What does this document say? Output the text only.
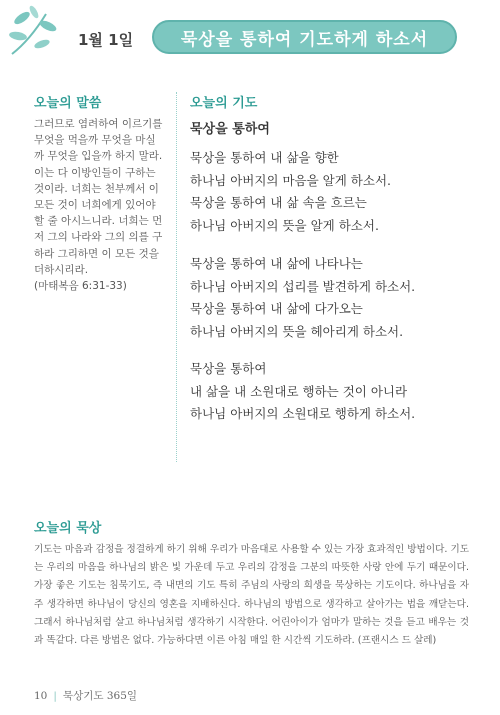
1월 1일	묵상을 통하여 기도하게 하소서
오늘의 말씀
그러므로 염려하여 이르기를 무엇을 먹을까 무엇을 마실까 무엇을 입을까 하지 말라. 이는 다 이방인들이 구하는 것이라. 너희는 천부께서 이 모든 것이 너희에게 있어야 할 줄 아시느니라. 너희는 먼저 그의 나라와 그의 의를 구하라 그리하면 이 모든 것을 더하시리라.
(마태복음 6:31-33)
오늘의 기도
묵상을 통하여
묵상을 통하여 내 삶을 향한
하나님 아버지의 마음을 알게 하소서.
묵상을 통하여 내 삶 속을 흐르는
하나님 아버지의 뜻을 알게 하소서.
묵상을 통하여 내 삶에 나타나는
하나님 아버지의 섭리를 발견하게 하소서.
묵상을 통하여 내 삶에 다가오는
하나님 아버지의 뜻을 헤아리게 하소서.
묵상을 통하여
내 삶을 내 소원대로 행하는 것이 아니라
하나님 아버지의 소원대로 행하게 하소서.
오늘의 묵상
기도는 마음과 감정을 정결하게 하기 위해 우리가 마음대로 사용할 수 있는 가장 효과적인 방법이다. 기도는 우리의 마음을 하나님의 밝은 빛 가운데 두고 우리의 감정을 그분의 따뜻한 사랑 안에 두기 때문이다. 가장 좋은 기도는 침묵기도, 즉 내면의 기도 특히 주님의 사랑의 희생을 묵상하는 기도이다. 하나님을 자주 생각하면 하나님이 당신의 영혼을 지배하신다. 하나님의 방법으로 생각하고 살아가는 법을 깨닫는다. 그래서 하나님처럼 살고 하나님처럼 생각하기 시작한다. 어린아이가 엄마가 말하는 것을 듣고 배우는 것과 똑같다. 다른 방법은 없다. 가능하다면 이른 아침 매일 한 시간씩 기도하라. (프랜시스 드 살레)
10 | 묵상기도 365일
